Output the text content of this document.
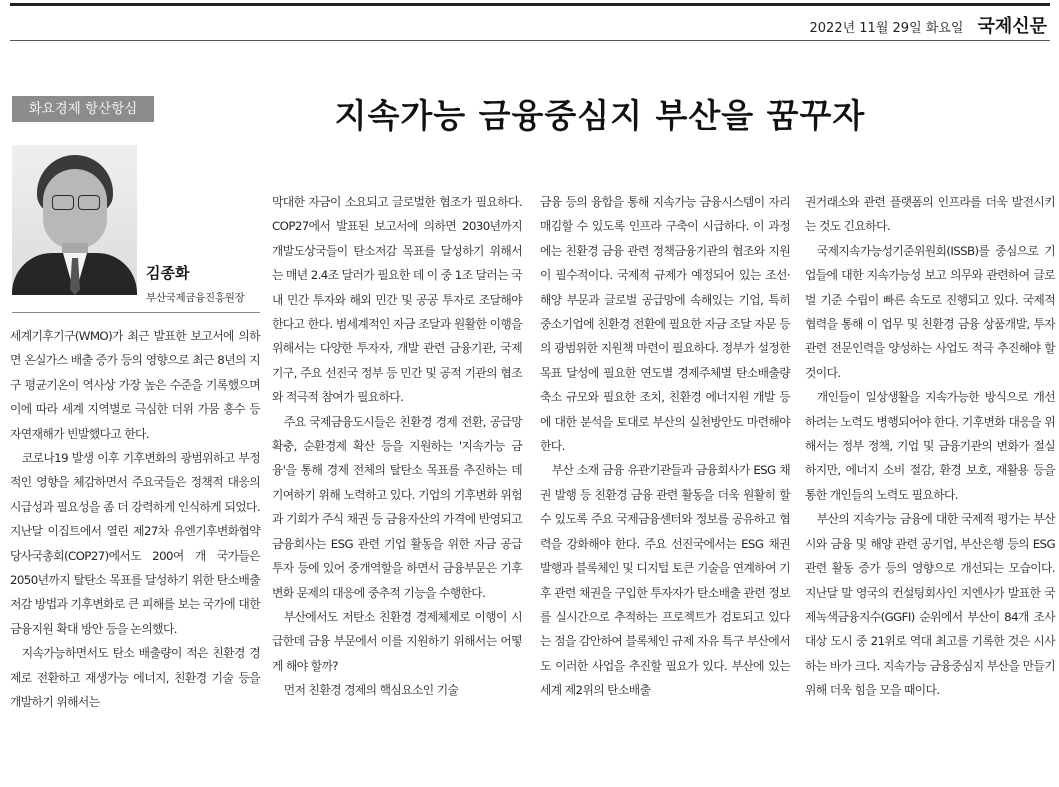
2022년 11월 29일 화요일 국제신문
화요경제 항산항심	지속가능 금융중심지 부산을 꿈꾸자

김종화

부산국제금융진흥원장

세계기후기구(WMO)가 최근 발표한 보고서에 의하면 온실가스 배출 증가 등의 영향으로 최근 8년의 지구 평균기온이 역사상 가장 높은 수준을 기록했으며 이에 따라 세계 지역별로 극심한 더위 가뭄 홍수 등 자연재해가 빈발했다고 한다.

코로나19 발생 이후 기후변화의 광범위하고 부정적인 영향을 체감하면서 주요국들은 정책적 대응의 시급성과 필요성을 좀 더 강력하게 인식하게 되었다. 지난달 이집트에서 열린 제27차 유엔기후변화협약 당사국총회(COP27)에서도 200여 개 국가들은 2050년까지 탈탄소 목표를 달성하기 위한 탄소배출 저감 방법과 기후변화로 큰 피해를 보는 국가에 대한 금융지원 확대 방안 등을 논의했다.

지속가능하면서도 탄소 배출량이 적은 친환경 경제로 전환하고 재생가능 에너지, 친환경 기술 등을 개발하기 위해서는

막대한 자금이 소요되고 글로벌한 협조가 필요하다. COP27에서 발표된 보고서에 의하면 2030년까지 개발도상국들이 탄소저감 목표를 달성하기 위해서는 매년 2.4조 달러가 필요한 데 이 중 1조 달러는 국내 민간 투자와 해외 민간 및 공공 투자로 조달해야 한다고 한다. 범세계적인 자금 조달과 원활한 이행을 위해서는 다양한 투자자, 개발 관련 금융기관, 국제기구, 주요 선진국 정부 등 민간 및 공적 기관의 협조와 적극적 참여가 필요하다.

주요 국제금융도시들은 친환경 경제 전환, 공급망 확충, 순환경제 확산 등을 지원하는 '지속가능 금융'을 통해 경제 전체의 탈탄소 목표를 추진하는 데 기여하기 위해 노력하고 있다. 기업의 기후변화 위험과 기회가 주식 채권 등 금융자산의 가격에 반영되고 금융회사는 ESG 관련 기업 활동을 위한 자금 공급 투자 등에 있어 중개역할을 하면서 금융부문은 기후변화 문제의 대응에 중추적 기능을 수행한다.

부산에서도 저탄소 친환경 경제체제로 이행이 시급한데 금융 부문에서 이를 지원하기 위해서는 어떻게 해야 할까?

먼저 친환경 경제의 핵심요소인 기술

금융 등의 융합을 통해 지속가능 금융시스템이 자리매김할 수 있도록 인프라 구축이 시급하다. 이 과정에는 친환경 금융 관련 정책금융기관의 협조와 지원이 필수적이다. 국제적 규제가 예정되어 있는 조선·해양 부문과 글로벌 공급망에 속해있는 기업, 특히 중소기업에 친환경 전환에 필요한 자금 조달 자문 등의 광범위한 지원책 마련이 필요하다. 정부가 설정한 목표 달성에 필요한 연도별 경제주체별 탄소배출량 축소 규모와 필요한 조치, 친환경 에너지원 개발 등에 대한 분석을 토대로 부산의 실천방안도 마련해야 한다.

부산 소재 금융 유관기관들과 금융회사가 ESG 채권 발행 등 친환경 금융 관련 활동을 더욱 원활히 할 수 있도록 주요 국제금융센터와 정보를 공유하고 협력을 강화해야 한다. 주요 선진국에서는 ESG 채권 발행과 블록체인 및 디지털 토큰 기술을 연계하여 기후 관련 채권을 구입한 투자자가 탄소배출 관련 정보를 실시간으로 추적하는 프로젝트가 검토되고 있다는 점을 감안하여 블록체인 규제 자유 특구 부산에서도 이러한 사업을 추진할 필요가 있다. 부산에 있는 세계 제2위의 탄소배출

권거래소와 관련 플랫폼의 인프라를 더욱 발전시키는 것도 긴요하다.

국제지속가능성기준위원회(ISSB)를 중심으로 기업들에 대한 지속가능성 보고 의무와 관련하여 글로벌 기준 수립이 빠른 속도로 진행되고 있다. 국제적 협력을 통해 이 업무 및 친환경 금융 상품개발, 투자 관련 전문인력을 양성하는 사업도 적극 추진해야 할 것이다.

개인들이 일상생활을 지속가능한 방식으로 개선하려는 노력도 병행되어야 한다. 기후변화 대응을 위해서는 정부 정책, 기업 및 금융기관의 변화가 절실하지만, 에너지 소비 절감, 환경 보호, 재활용 등을 통한 개인들의 노력도 필요하다.

부산의 지속가능 금융에 대한 국제적 평가는 부산시와 금융 및 해양 관련 공기업, 부산은행 등의 ESG 관련 활동 증가 등의 영향으로 개선되는 모습이다. 지난달 말 영국의 컨설팅회사인 지엔사가 발표한 국제녹색금융지수(GGFI) 순위에서 부산이 84개 조사 대상 도시 중 21위로 역대 최고를 기록한 것은 시사하는 바가 크다. 지속가능 금융중심지 부산을 만들기 위해 더욱 힘을 모을 때이다.
